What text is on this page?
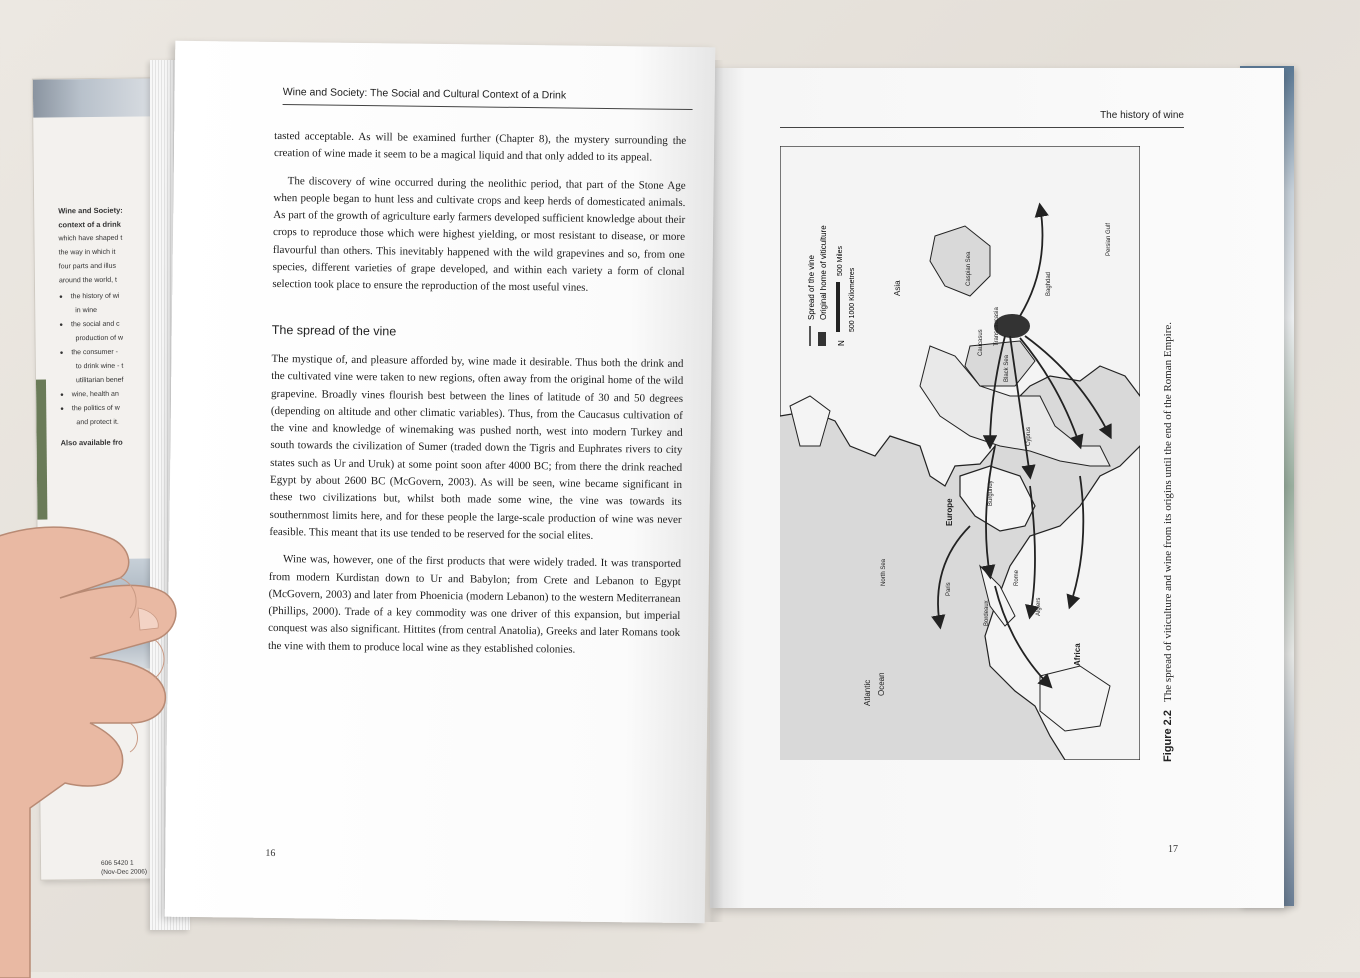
Wine and Society:
context of a drink
which have shaped t
the way in which it
four parts and illus
around the world, t
● the history of wi
in wine
● the social and c
production of w
● the consumer -
to drink wine - t
utilitarian benef
● wine, health an
● the politics of w
and protect it.
Also available fro
606 5420 1
(Nov-Dec 2006)
The history of wine
Spread of the vine Original home of viticulture
N
500 Miles
500 1000 Kilometres	Asia
Europe
Africa
Atlantic Ocean
North Sea
Black Sea
Caspian Sea
Caucasus Transcaucasia
Baghdad
Burgundy
Bordeaux
Persian Gulf
Cyprus
Paris
Algiers
Rome
Figure 2.2The spread of viticulture and wine from its origins until the end of the Roman Empire.
17
Wine and Society: The Social and Cultural Context of a Drink

tasted acceptable. As will be examined further (Chapter 8), the mystery surrounding the creation of wine made it seem to be a magical liquid and that only added to its appeal.

The discovery of wine occurred during the neolithic period, that part of the Stone Age when people began to hunt less and cultivate crops and keep herds of domesticated animals. As part of the growth of agriculture early farmers developed sufficient knowledge about their crops to reproduce those which were highest yielding, or most resistant to disease, or more flavourful than others. This inevitably happened with the wild grapevines and so, from one species, different varieties of grape developed, and within each variety a form of clonal selection took place to ensure the reproduction of the most useful vines.

The spread of the vine

The mystique of, and pleasure afforded by, wine made it desirable. Thus both the drink and the cultivated vine were taken to new regions, often away from the original home of the wild grapevine. Broadly vines flourish best between the lines of latitude of 30 and 50 degrees (depending on altitude and other climatic variables). Thus, from the Caucasus cultivation of the vine and knowledge of winemaking was pushed north, west into modern Turkey and south towards the civilization of Sumer (traded down the Tigris and Euphrates rivers to city states such as Ur and Uruk) at some point soon after 4000 BC; from there the drink reached Egypt by about 2600 BC (McGovern, 2003). As will be seen, wine became significant in these two civilizations but, whilst both made some wine, the vine was towards its southernmost limits here, and for these people the large-scale production of wine was never feasible. This meant that its use tended to be reserved for the social elites.

Wine was, however, one of the first products that were widely traded. It was transported from modern Kurdistan down to Ur and Babylon; from Crete and Lebanon to Egypt (McGovern, 2003) and later from Phoenicia (modern Lebanon) to the western Mediterranean (Phillips, 2000). Trade of a key commodity was one driver of this expansion, but imperial conquest was also significant. Hittites (from central Anatolia), Greeks and later Romans took the vine with them to produce local wine as they established colonies.

16
